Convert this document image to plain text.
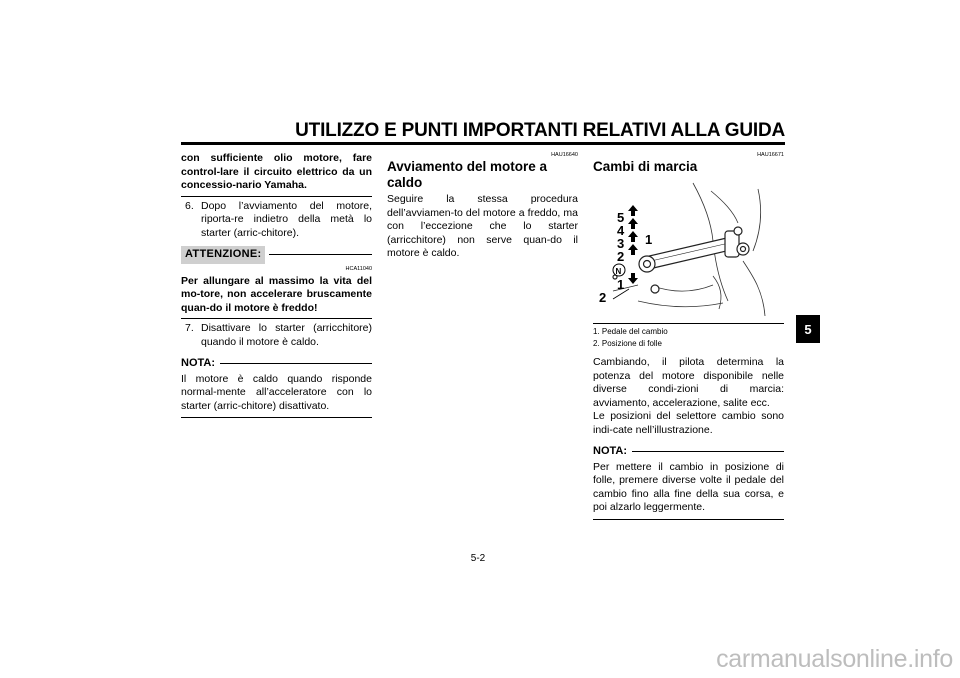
UTILIZZO E PUNTI IMPORTANTI RELATIVI ALLA GUIDA
5
con sufficiente olio motore, fare control-lare il circuito elettrico da un concessio-nario Yamaha.
6. Dopo l’avviamento del motore, riporta-re indietro della metà lo starter (arric-chitore).
ATTENZIONE:
HCA11040
Per allungare al massimo la vita del mo-tore, non accelerare bruscamente quan-do il motore è freddo!
7. Disattivare lo starter (arricchitore) quando il motore è caldo.
NOTA:
Il motore è caldo quando risponde normal-mente all’acceleratore con lo starter (arric-chitore) disattivato.
HAU16640
Avviamento del motore a caldo
Seguire la stessa procedura dell’avviamen-to del motore a freddo, ma con l’eccezione che lo starter (arricchitore) non serve quan-do il motore è caldo.
HAU16671
Cambi di marcia
5
4
3
2
N
1
1
2
1. Pedale del cambio
2. Posizione di folle
Cambiando, il pilota determina la potenza del motore disponibile nelle diverse condi-zioni di marcia: avviamento, accelerazione, salite ecc.
Le posizioni del selettore cambio sono indi-cate nell’illustrazione.
NOTA:
Per mettere il cambio in posizione di folle, premere diverse volte il pedale del cambio fino alla fine della sua corsa, e poi alzarlo leggermente.
5-2
carmanualsonline.info
